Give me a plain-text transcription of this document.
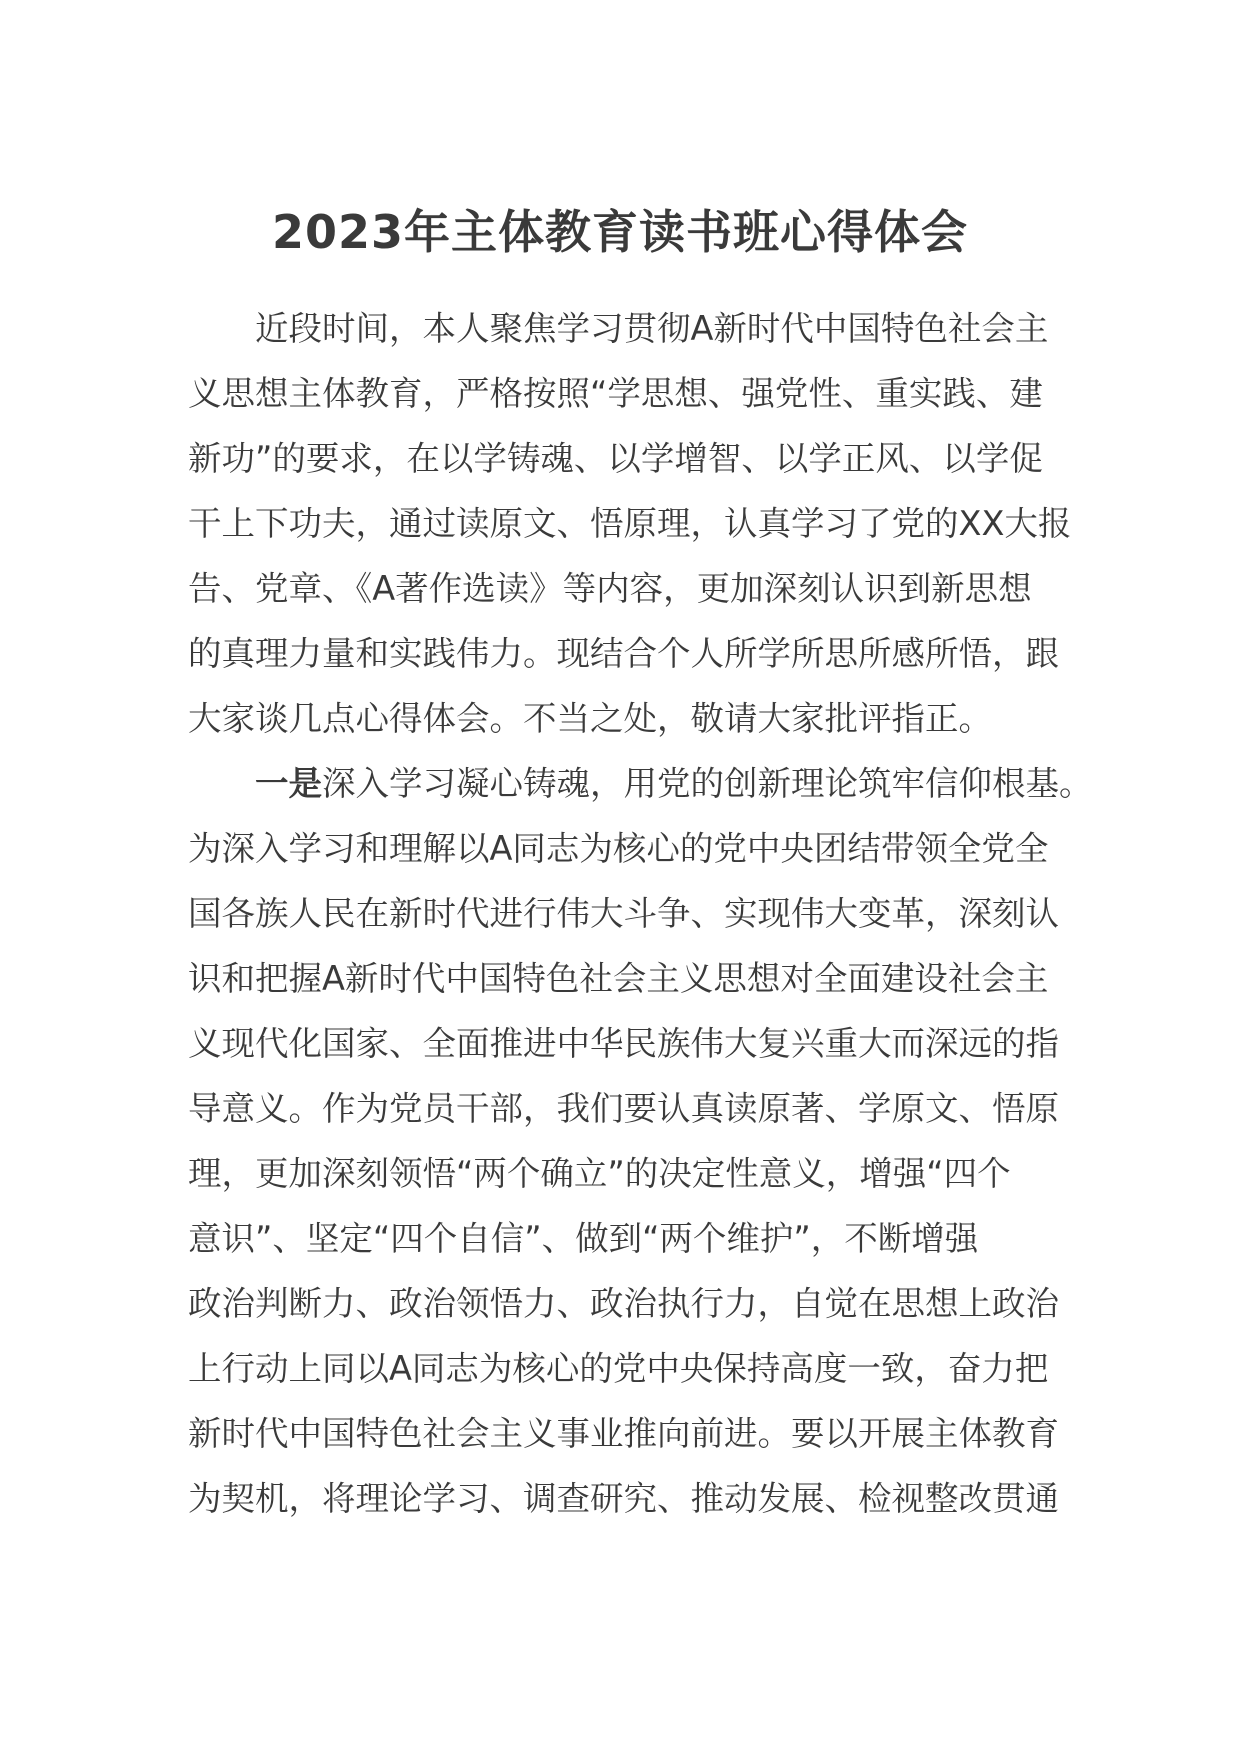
2023年主体教育读书班心得体会
近段时间，本人聚焦学习贯彻A新时代中国特色社会主
义思想主体教育，严格按照“学思想、强党性、重实践、建
新功”的要求，在以学铸魂、以学增智、以学正风、以学促
干上下功夫，通过读原文、悟原理，认真学习了党的XX大报
告、党章、《A著作选读》等内容，更加深刻认识到新思想
的真理力量和实践伟力。现结合个人所学所思所感所悟，跟
大家谈几点心得体会。不当之处，敬请大家批评指正。
一是深入学习凝心铸魂，用党的创新理论筑牢信仰根基。
为深入学习和理解以A同志为核心的党中央团结带领全党全
国各族人民在新时代进行伟大斗争、实现伟大变革，深刻认
识和把握A新时代中国特色社会主义思想对全面建设社会主
义现代化国家、全面推进中华民族伟大复兴重大而深远的指
导意义。作为党员干部，我们要认真读原著、学原文、悟原
理，更加深刻领悟“两个确立”的决定性意义，增强“四个
意识”、坚定“四个自信”、做到“两个维护”，不断增强
政治判断力、政治领悟力、政治执行力，自觉在思想上政治
上行动上同以A同志为核心的党中央保持高度一致，奋力把
新时代中国特色社会主义事业推向前进。要以开展主体教育
为契机，将理论学习、调查研究、推动发展、检视整改贯通
